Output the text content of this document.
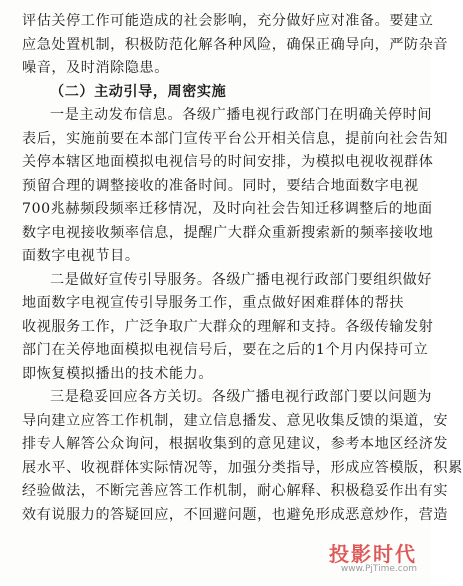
评估关停工作可能造成的社会影响，充分做好应对准备。要建立
应急处置机制，积极防范化解各种风险，确保正确导向，严防杂音
噪音，及时消除隐患。
（二）主动引导，周密实施
一是主动发布信息。各级广播电视行政部门在明确关停时间
表后，实施前要在本部门宣传平台公开相关信息，提前向社会告知
关停本辖区地面模拟电视信号的时间安排，为模拟电视收视群体
预留合理的调整接收的准备时间。同时，要结合地面数字电视
700兆赫频段频率迁移情况，及时向社会告知迁移调整后的地面
数字电视接收频率信息，提醒广大群众重新搜索新的频率接收地
面数字电视节目。
二是做好宣传引导服务。各级广播电视行政部门要组织做好
地面数字电视宣传引导服务工作，重点做好困难群体的帮扶
收视服务工作，广泛争取广大群众的理解和支持。各级传输发射
部门在关停地面模拟电视信号后，要在之后的1个月内保持可立
即恢复模拟播出的技术能力。
三是稳妥回应各方关切。各级广播电视行政部门要以问题为
导向建立应答工作机制，建立信息播发、意见收集反馈的渠道，安
排专人解答公众询问，根据收集到的意见建议，参考本地区经济发
展水平、收视群体实际情况等，加强分类指导，形成应答模版，积累
经验做法，不断完善应答工作机制，耐心解释、积极稳妥作出有实
效有说服力的答疑回应，不回避问题，也避免形成恶意炒作，营造
投影时代
www.PjTime.com
